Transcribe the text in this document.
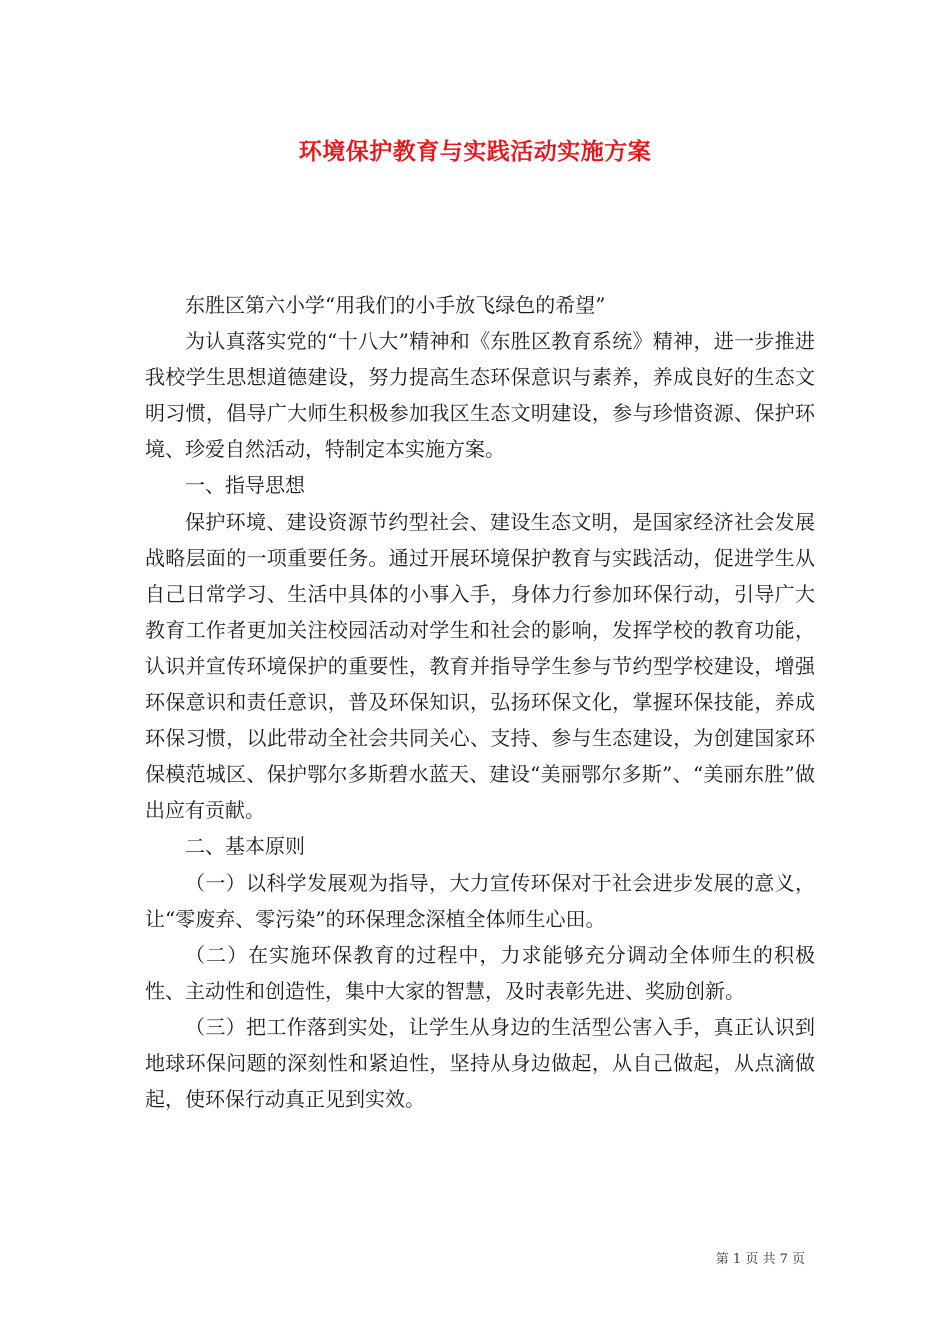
环境保护教育与实践活动实施方案

东胜区第六小学“用我们的小手放飞绿色的希望”

为认真落实党的“十八大”精神和《东胜区教育系统》精神，进一步推进我校学生思想道德建设，努力提高生态环保意识与素养，养成良好的生态文明习惯，倡导广大师生积极参加我区生态文明建设，参与珍惜资源、保护环境、珍爱自然活动，特制定本实施方案。

一、指导思想

保护环境、建设资源节约型社会、建设生态文明，是国家经济社会发展战略层面的一项重要任务。通过开展环境保护教育与实践活动，促进学生从自己日常学习、生活中具体的小事入手，身体力行参加环保行动，引导广大教育工作者更加关注校园活动对学生和社会的影响，发挥学校的教育功能，认识并宣传环境保护的重要性，教育并指导学生参与节约型学校建设，增强环保意识和责任意识，普及环保知识，弘扬环保文化，掌握环保技能，养成环保习惯，以此带动全社会共同关心、支持、参与生态建设，为创建国家环保模范城区、保护鄂尔多斯碧水蓝天、建设“美丽鄂尔多斯”、“美丽东胜”做出应有贡献。

二、基本原则

（一）以科学发展观为指导，大力宣传环保对于社会进步发展的意义，让“零废弃、零污染”的环保理念深植全体师生心田。

（二）在实施环保教育的过程中，力求能够充分调动全体师生的积极性、主动性和创造性，集中大家的智慧，及时表彰先进、奖励创新。

（三）把工作落到实处，让学生从身边的生活型公害入手，真正认识到地球环保问题的深刻性和紧迫性，坚持从身边做起，从自己做起，从点滴做起，使环保行动真正见到实效。

第 1 页 共 7 页
